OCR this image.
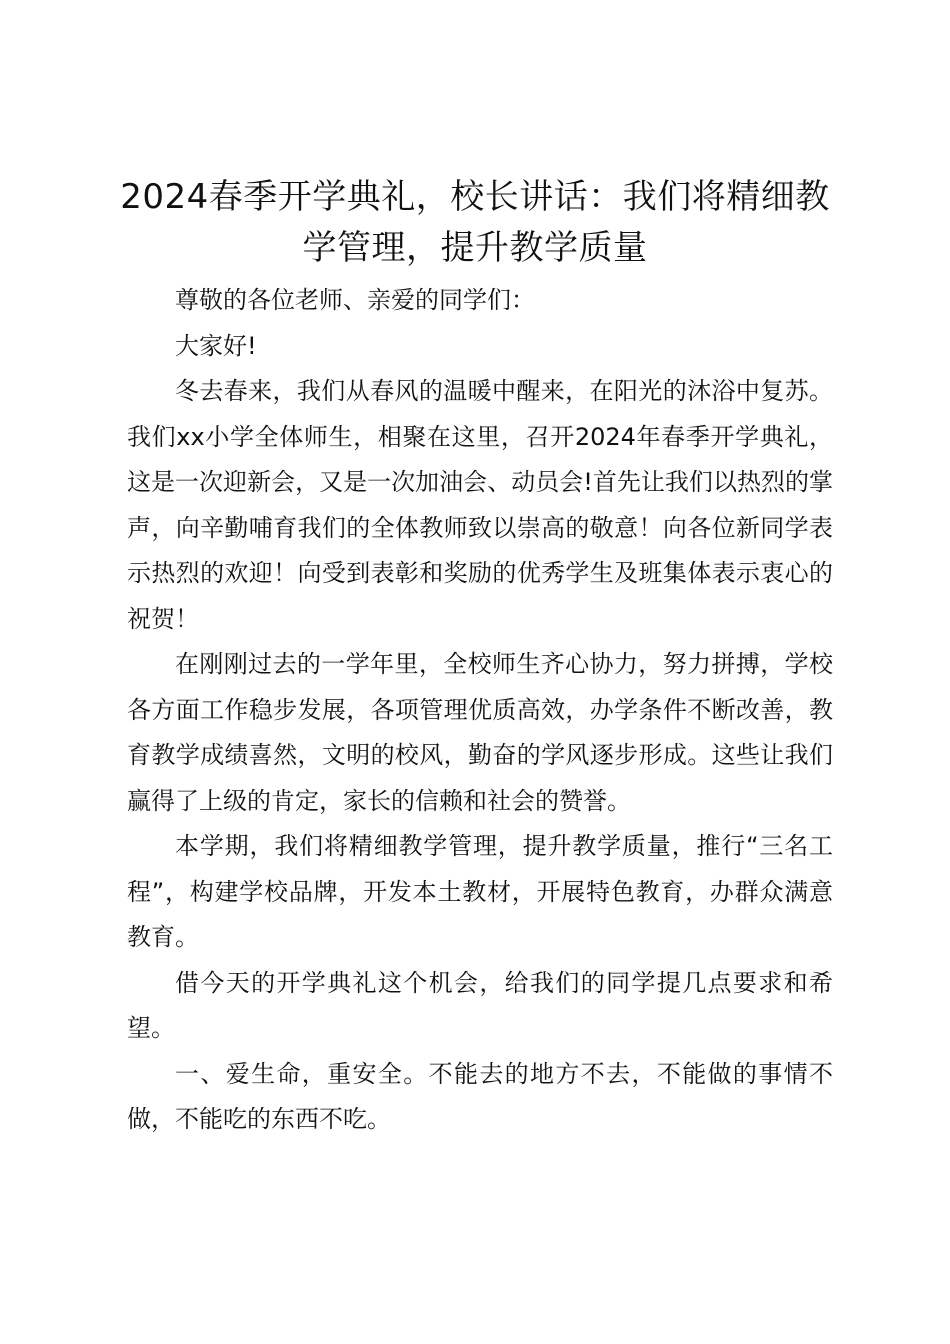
2024春季开学典礼，校长讲话：我们将精细教学管理，提升教学质量

尊敬的各位老师、亲爱的同学们：

大家好!

冬去春来，我们从春风的温暖中醒来，在阳光的沐浴中复苏。我们xx小学全体师生，相聚在这里，召开2024年春季开学典礼，这是一次迎新会，又是一次加油会、动员会!首先让我们以热烈的掌声，向辛勤哺育我们的全体教师致以崇高的敬意！向各位新同学表示热烈的欢迎！向受到表彰和奖励的优秀学生及班集体表示衷心的祝贺！

在刚刚过去的一学年里，全校师生齐心协力，努力拼搏，学校各方面工作稳步发展，各项管理优质高效，办学条件不断改善，教育教学成绩喜然，文明的校风，勤奋的学风逐步形成。这些让我们赢得了上级的肯定，家长的信赖和社会的赞誉。

本学期，我们将精细教学管理，提升教学质量，推行“三名工程”，构建学校品牌，开发本土教材，开展特色教育，办群众满意教育。

借今天的开学典礼这个机会，给我们的同学提几点要求和希望。

一、爱生命，重安全。不能去的地方不去，不能做的事情不做，不能吃的东西不吃。
